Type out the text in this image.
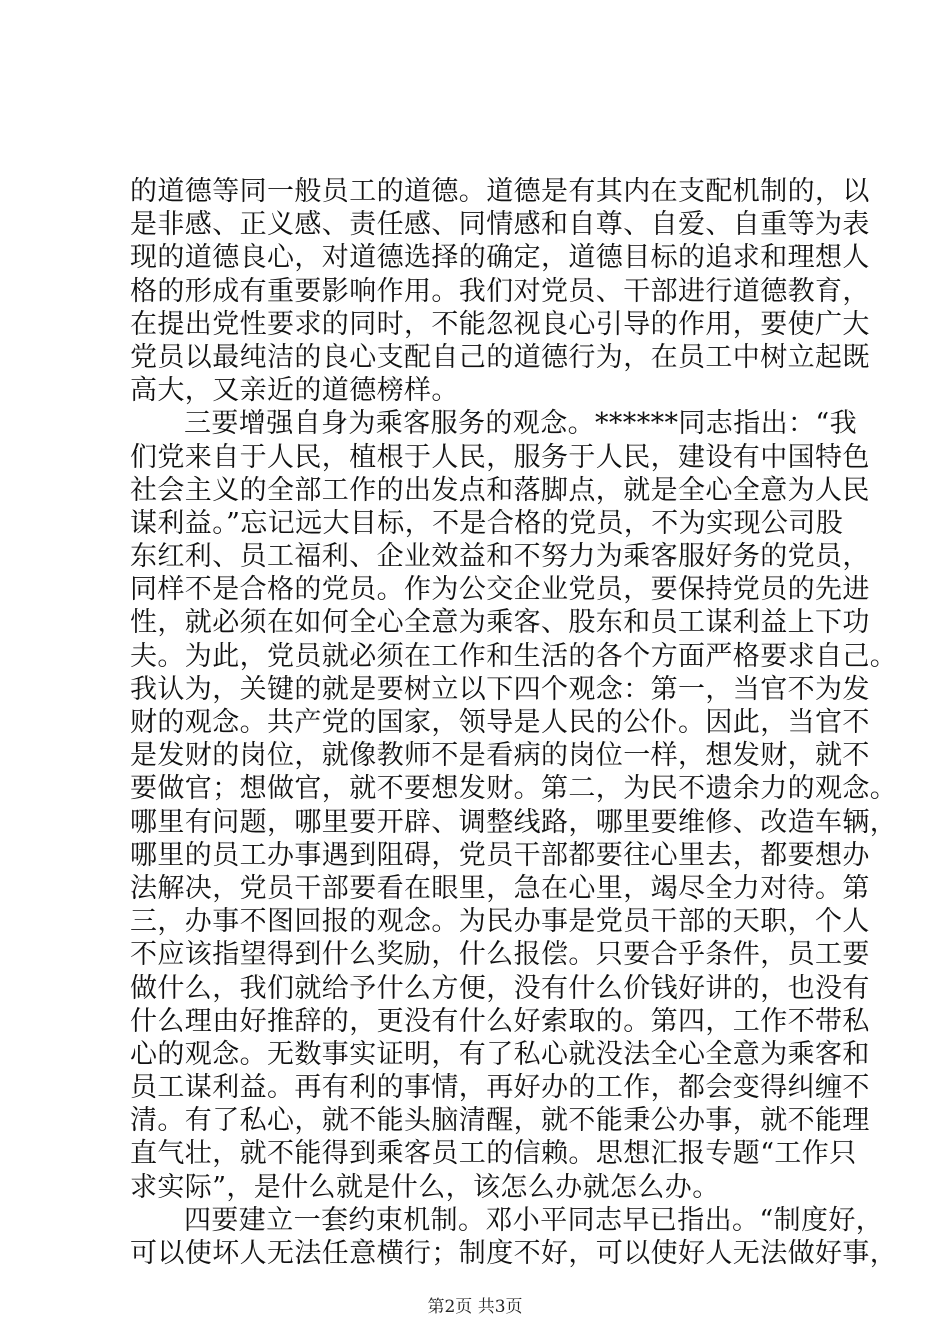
的道德等同一般员工的道德。道德是有其内在支配机制的，以
是非感、正义感、责任感、同情感和自尊、自爱、自重等为表
现的道德良心，对道德选择的确定，道德目标的追求和理想人
格的形成有重要影响作用。我们对党员、干部进行道德教育，
在提出党性要求的同时，不能忽视良心引导的作用，要使广大
党员以最纯洁的良心支配自己的道德行为，在员工中树立起既
高大，又亲近的道德榜样。
三要增强自身为乘客服务的观念。******同志指出：“我
们党来自于人民，植根于人民，服务于人民，建设有中国特色
社会主义的全部工作的出发点和落脚点，就是全心全意为人民
谋利益。”忘记远大目标，不是合格的党员，不为实现公司股
东红利、员工福利、企业效益和不努力为乘客服好务的党员，
同样不是合格的党员。作为公交企业党员，要保持党员的先进
性，就必须在如何全心全意为乘客、股东和员工谋利益上下功
夫。为此，党员就必须在工作和生活的各个方面严格要求自己。
我认为，关键的就是要树立以下四个观念：第一，当官不为发
财的观念。共产党的国家，领导是人民的公仆。因此，当官不
是发财的岗位，就像教师不是看病的岗位一样，想发财，就不
要做官；想做官，就不要想发财。第二，为民不遗余力的观念。
哪里有问题，哪里要开辟、调整线路，哪里要维修、改造车辆，
哪里的员工办事遇到阻碍，党员干部都要往心里去，都要想办
法解决，党员干部要看在眼里，急在心里，竭尽全力对待。第
三，办事不图回报的观念。为民办事是党员干部的天职，个人
不应该指望得到什么奖励，什么报偿。只要合乎条件，员工要
做什么，我们就给予什么方便，没有什么价钱好讲的，也没有
什么理由好推辞的，更没有什么好索取的。第四，工作不带私
心的观念。无数事实证明，有了私心就没法全心全意为乘客和
员工谋利益。再有利的事情，再好办的工作，都会变得纠缠不
清。有了私心，就不能头脑清醒，就不能秉公办事，就不能理
直气壮，就不能得到乘客员工的信赖。思想汇报专题“工作只
求实际”，是什么就是什么，该怎么办就怎么办。
四要建立一套约束机制。邓小平同志早已指出。“制度好，
可以使坏人无法任意横行；制度不好，可以使好人无法做好事，
第2页 共3页
